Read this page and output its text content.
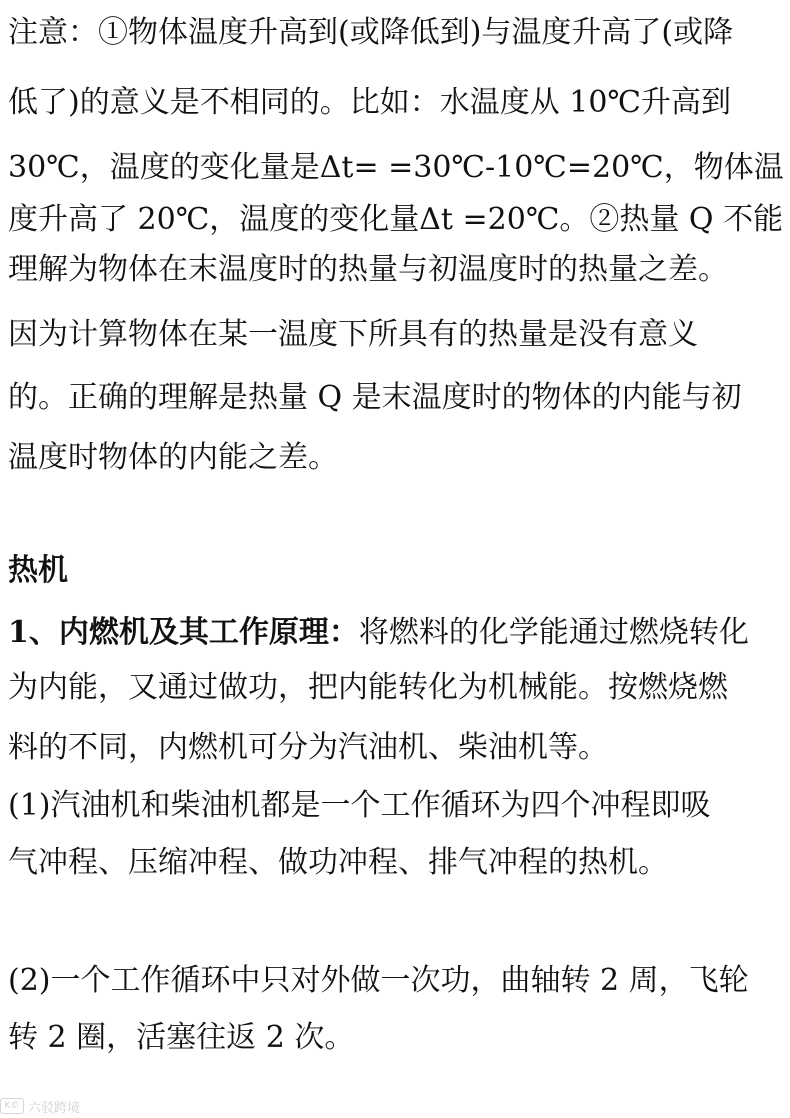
注意：①物体温度升高到(或降低到)与温度升高了(或降
低了)的意义是不相同的。比如：水温度从 10℃升高到
30℃，温度的变化量是Δt= =30℃-10℃=20℃，物体温
度升高了 20℃，温度的变化量Δt =20℃。②热量 Q 不能
理解为物体在末温度时的热量与初温度时的热量之差。
因为计算物体在某一温度下所具有的热量是没有意义
的。正确的理解是热量 Q 是末温度时的物体的内能与初
温度时物体的内能之差。
热机
1、内燃机及其工作原理：将燃料的化学能通过燃烧转化
为内能，又通过做功，把内能转化为机械能。按燃烧燃
料的不同，内燃机可分为汽油机、柴油机等。
(1)汽油机和柴油机都是一个工作循环为四个冲程即吸
气冲程、压缩冲程、做功冲程、排气冲程的热机。
(2)一个工作循环中只对外做一次功，曲轴转 2 周，飞轮
转 2 圈，活塞往返 2 次。
K© 六驳跨境
